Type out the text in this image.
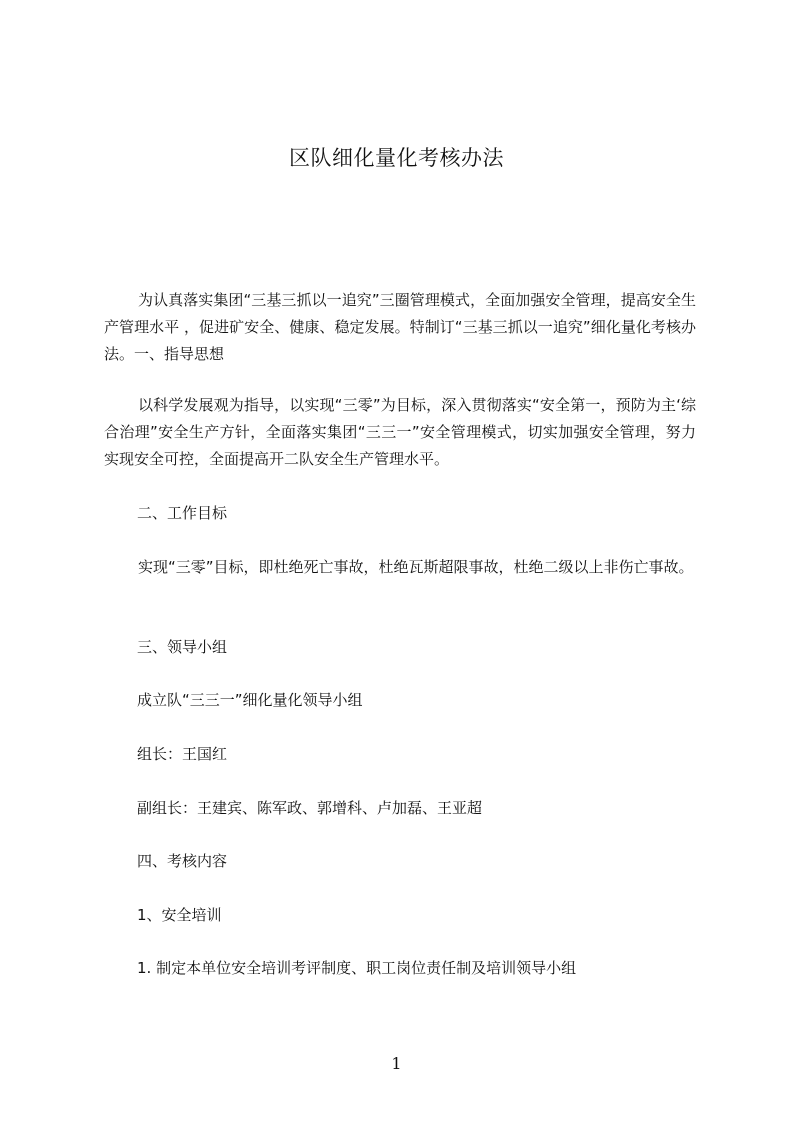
区队细化量化考核办法

为认真落实集团“三基三抓以一追究”三圈管理模式，全面加强安全管理，提高安全生产管理水平 ，促进矿安全、健康、稳定发展。特制订“三基三抓以一追究”细化量化考核办法。一、指导思想

以科学发展观为指导，以实现“三零”为目标，深入贯彻落实“安全第一，预防为主‘综合治理”安全生产方针，全面落实集团“三三一”安全管理模式，切实加强安全管理，努力实现安全可控，全面提高开二队安全生产管理水平。

二、工作目标

实现“三零”目标，即杜绝死亡事故，杜绝瓦斯超限事故，杜绝二级以上非伤亡事故。

三、领导小组

成立队“三三一”细化量化领导小组

组长：王国红

副组长：王建宾、陈军政、郭增科、卢加磊、王亚超

四、考核内容

1、安全培训

1. 制定本单位安全培训考评制度、职工岗位责任制及培训领导小组

1
